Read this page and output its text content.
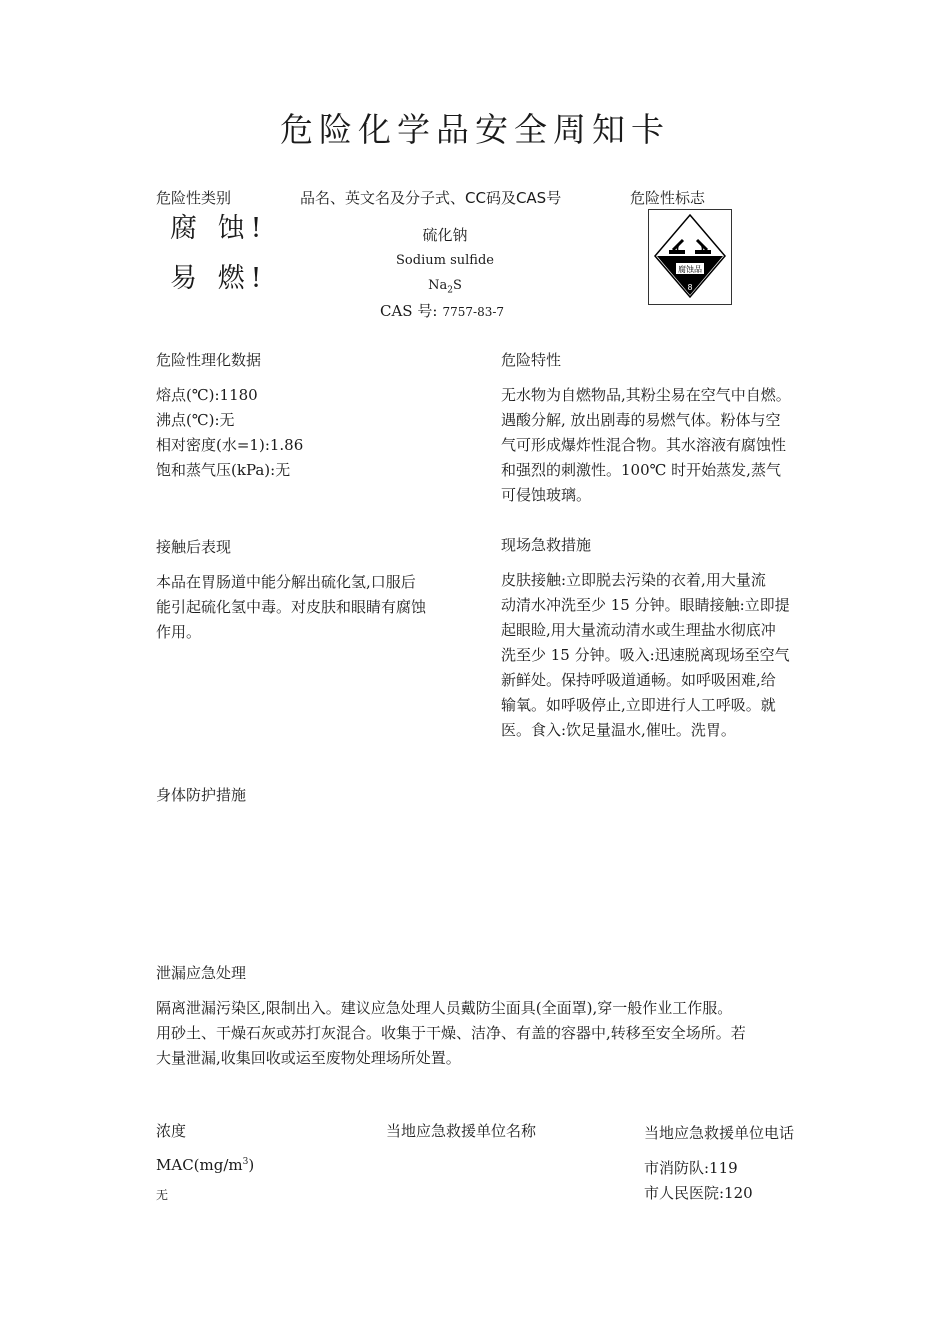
危险化学品安全周知卡
危险性类别	品名、英文名及分子式、CC码及CAS号	危险性标志
腐 蚀!
易 燃!
硫化钠
Sodium sulfide
$Na_2S$
CAS 号: 7757-83-7
腐蚀品
8
危险性理化数据
熔点(℃):1180
沸点(℃):无
相对密度(水=1):1.86
饱和蒸气压(kPa):无
危险特性
无水物为自燃物品,其粉尘易在空气中自燃。
遇酸分解, 放出剧毒的易燃气体。粉体与空
气可形成爆炸性混合物。其水溶液有腐蚀性
和强烈的刺激性。100℃ 时开始蒸发,蒸气
可侵蚀玻璃。
接触后表现
本品在胃肠道中能分解出硫化氢,口服后
能引起硫化氢中毒。对皮肤和眼睛有腐蚀
作用。
现场急救措施
皮肤接触:立即脱去污染的衣着,用大量流
动清水冲洗至少 15 分钟。眼睛接触:立即提
起眼睑,用大量流动清水或生理盐水彻底冲
洗至少 15 分钟。吸入:迅速脱离现场至空气
新鲜处。保持呼吸道通畅。如呼吸困难,给
输氧。如呼吸停止,立即进行人工呼吸。就
医。食入:饮足量温水,催吐。洗胃。
身体防护措施
泄漏应急处理
隔离泄漏污染区,限制出入。建议应急处理人员戴防尘面具(全面罩),穿一般作业工作服。
用砂土、干燥石灰或苏打灰混合。收集于干燥、洁净、有盖的容器中,转移至安全场所。若
大量泄漏,收集回收或运至废物处理场所处置。
浓度	当地应急救援单位名称	当地应急救援单位电话
$MAC(mg/m^3)$
无
市消防队:119
市人民医院:120
